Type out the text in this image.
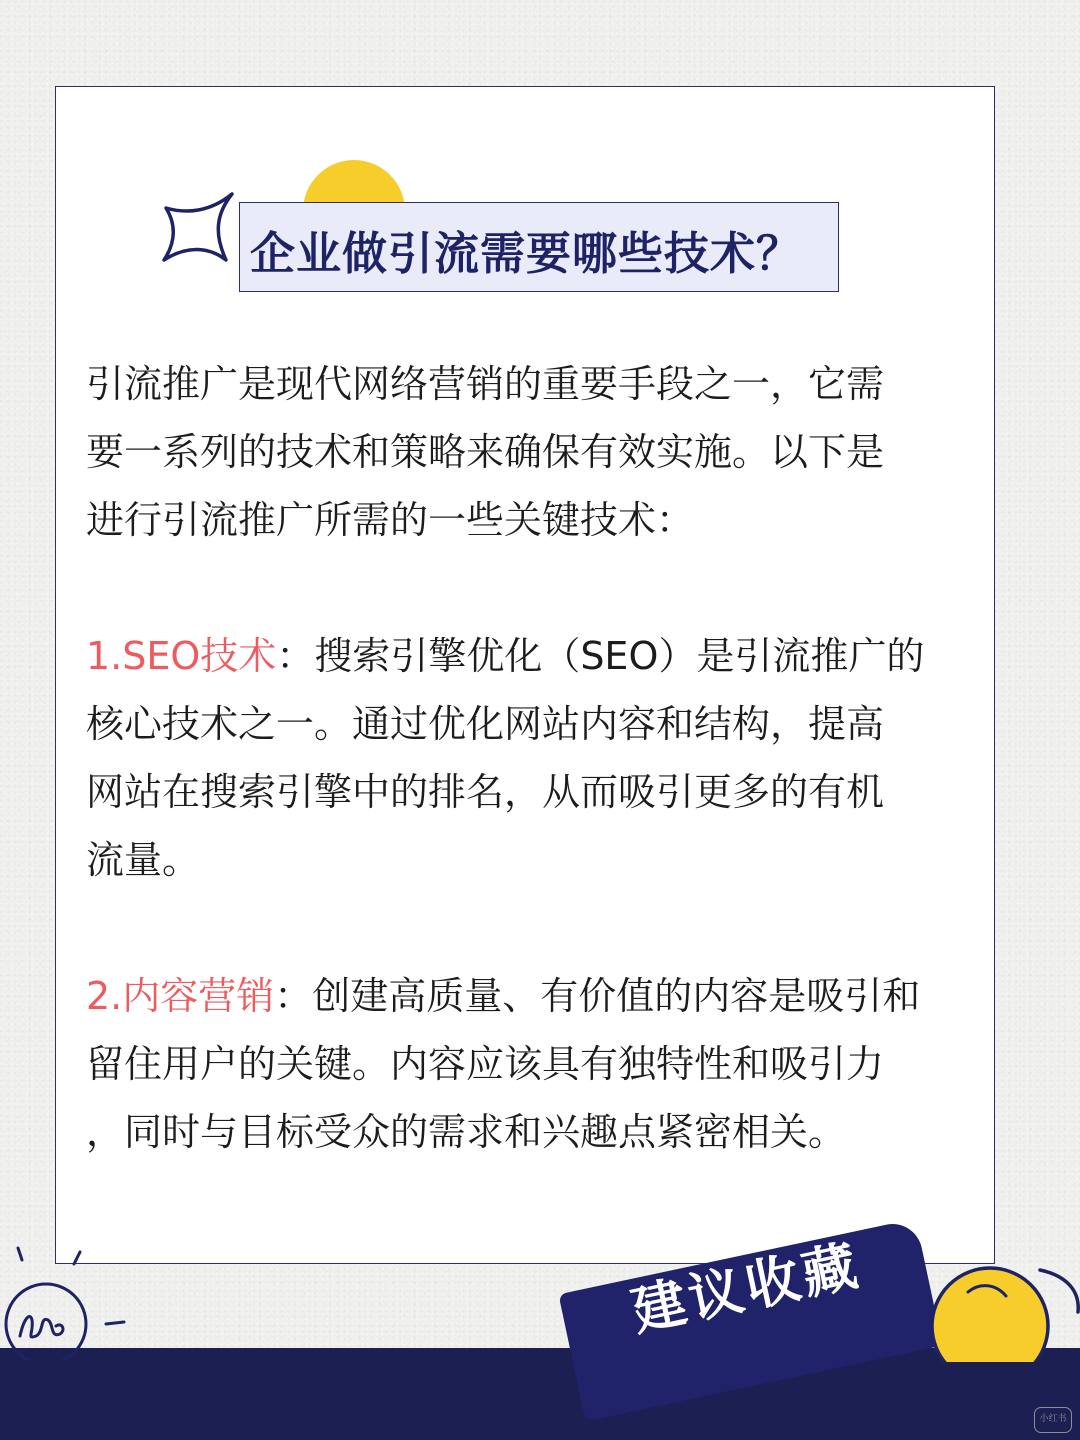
企业做引流需要哪些技术？
引流推广是现代网络营销的重要手段之一，它需
要一系列的技术和策略来确保有效实施。以下是
进行引流推广所需的一些关键技术：
1.SEO技术：搜索引擎优化（SEO）是引流推广的
核心技术之一。通过优化网站内容和结构，提高
网站在搜索引擎中的排名，从而吸引更多的有机
流量。
2.内容营销：创建高质量、有价值的内容是吸引和
留住用户的关键。内容应该具有独特性和吸引力
，同时与目标受众的需求和兴趣点紧密相关。
建议收藏
小红书
